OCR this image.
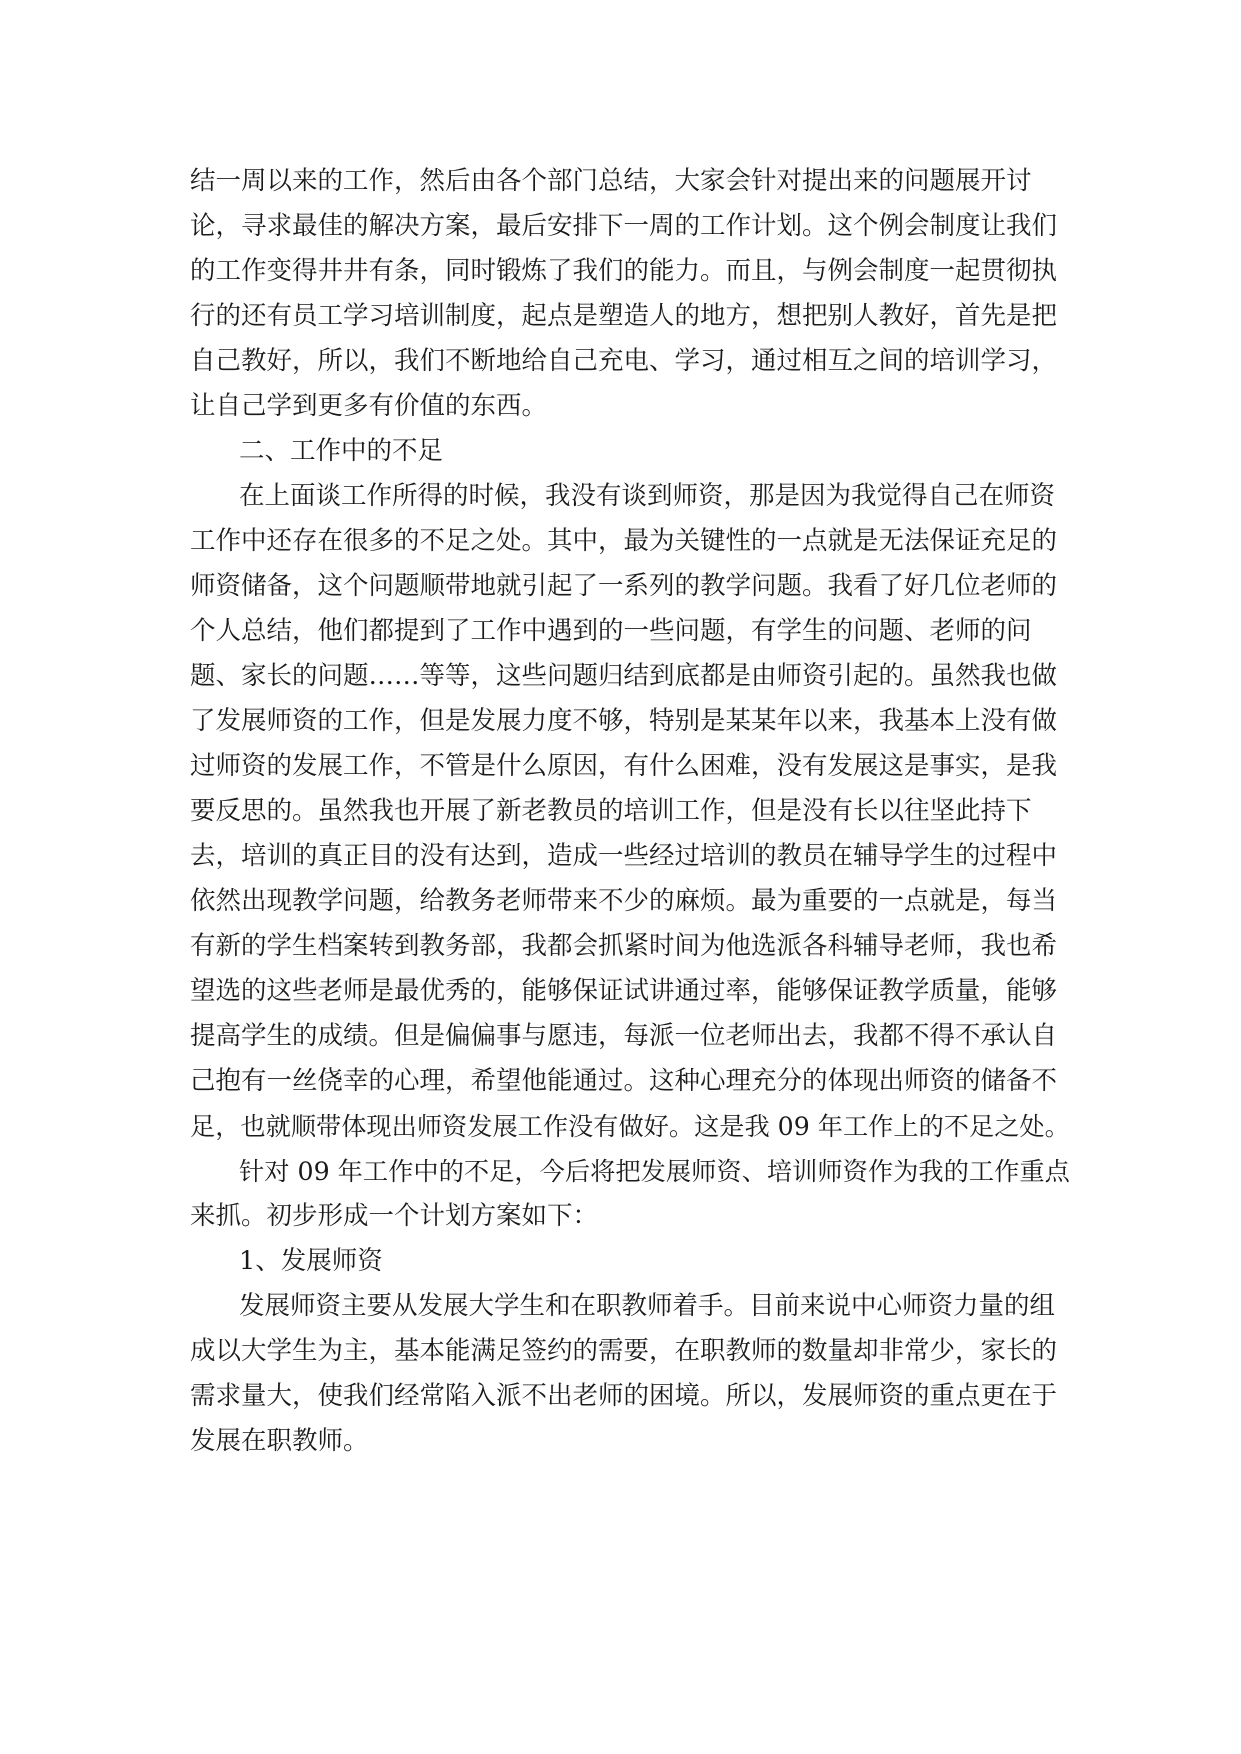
结一周以来的工作，然后由各个部门总结，大家会针对提出来的问题展开讨
论，寻求最佳的解决方案，最后安排下一周的工作计划。这个例会制度让我们
的工作变得井井有条，同时锻炼了我们的能力。而且，与例会制度一起贯彻执
行的还有员工学习培训制度，起点是塑造人的地方，想把别人教好，首先是把
自己教好，所以，我们不断地给自己充电、学习，通过相互之间的培训学习，
让自己学到更多有价值的东西。
二、工作中的不足
在上面谈工作所得的时候，我没有谈到师资，那是因为我觉得自己在师资
工作中还存在很多的不足之处。其中，最为关键性的一点就是无法保证充足的
师资储备，这个问题顺带地就引起了一系列的教学问题。我看了好几位老师的
个人总结，他们都提到了工作中遇到的一些问题，有学生的问题、老师的问
题、家长的问题……等等，这些问题归结到底都是由师资引起的。虽然我也做
了发展师资的工作，但是发展力度不够，特别是某某年以来，我基本上没有做
过师资的发展工作，不管是什么原因，有什么困难，没有发展这是事实，是我
要反思的。虽然我也开展了新老教员的培训工作，但是没有长以往坚此持下
去，培训的真正目的没有达到，造成一些经过培训的教员在辅导学生的过程中
依然出现教学问题，给教务老师带来不少的麻烦。最为重要的一点就是，每当
有新的学生档案转到教务部，我都会抓紧时间为他选派各科辅导老师，我也希
望选的这些老师是最优秀的，能够保证试讲通过率，能够保证教学质量，能够
提高学生的成绩。但是偏偏事与愿违，每派一位老师出去，我都不得不承认自
己抱有一丝侥幸的心理，希望他能通过。这种心理充分的体现出师资的储备不
足，也就顺带体现出师资发展工作没有做好。这是我 09 年工作上的不足之处。
针对 09 年工作中的不足，今后将把发展师资、培训师资作为我的工作重点
来抓。初步形成一个计划方案如下：
1、发展师资
发展师资主要从发展大学生和在职教师着手。目前来说中心师资力量的组
成以大学生为主，基本能满足签约的需要，在职教师的数量却非常少，家长的
需求量大，使我们经常陷入派不出老师的困境。所以，发展师资的重点更在于
发展在职教师。
